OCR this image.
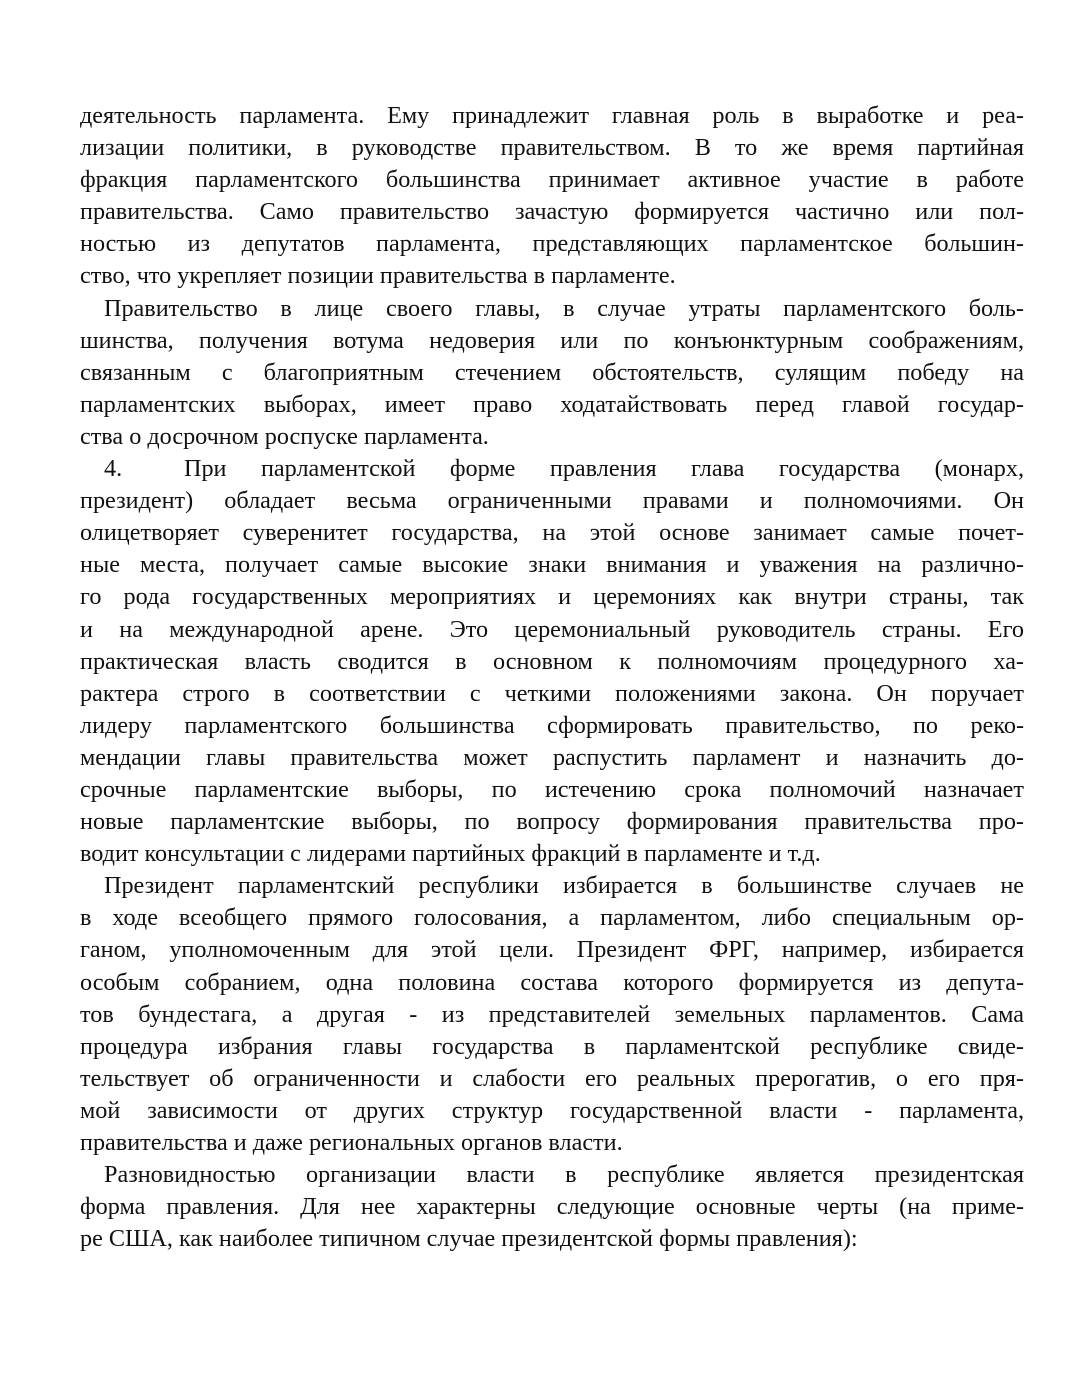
деятельность парламента. Ему принадлежит главная роль в выработке и реа-
лизации политики, в руководстве правительством. В то же время партийная
фракция парламентского большинства принимает активное участие в работе
правительства. Само правительство зачастую формируется частично или пол-
ностью из депутатов парламента, представляющих парламентское большин-
ство, что укрепляет позиции правительства в парламенте.
Правительство в лице своего главы, в случае утраты парламентского боль-
шинства, получения вотума недоверия или по конъюнктурным соображениям,
связанным с благоприятным стечением обстоятельств, сулящим победу на
парламентских выборах, имеет право ходатайствовать перед главой государ-
ства о досрочном роспуске парламента.
4.	При парламентской форме правления глава государства (монарх,
президент) обладает весьма ограниченными правами и полномочиями. Он
олицетворяет суверенитет государства, на этой основе занимает самые почет-
ные места, получает самые высокие знаки внимания и уважения на различно-
го рода государственных мероприятиях и церемониях как внутри страны, так
и на международной арене. Это церемониальный руководитель страны. Его
практическая власть сводится в основном к полномочиям процедурного ха-
рактера строго в соответствии с четкими положениями закона. Он поручает
лидеру парламентского большинства сформировать правительство, по реко-
мендации главы правительства может распустить парламент и назначить до-
срочные парламентские выборы, по истечению срока полномочий назначает
новые парламентские выборы, по вопросу формирования правительства про-
водит консультации с лидерами партийных фракций в парламенте и т.д.
Президент парламентский республики избирается в большинстве случаев не
в ходе всеобщего прямого голосования, а парламентом, либо специальным ор-
ганом, уполномоченным для этой цели. Президент ФРГ, например, избирается
особым собранием, одна половина состава которого формируется из депута-
тов бундестага, а другая - из представителей земельных парламентов. Сама
процедура избрания главы государства в парламентской республике свиде-
тельствует об ограниченности и слабости его реальных прерогатив, о его пря-
мой зависимости от других структур государственной власти - парламента,
правительства и даже региональных органов власти.
Разновидностью организации власти в республике является президентская
форма правления. Для нее характерны следующие основные черты (на приме-
ре США, как наиболее типичном случае президентской формы правления):
